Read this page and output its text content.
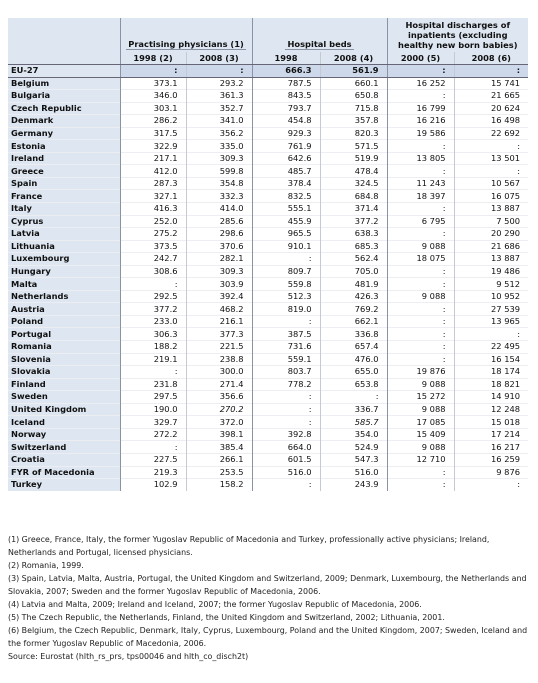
	Practising physicians (1)		Hospital beds		Hospital discharges of inpatients (excluding healthy new born babies)	
	1998 (2)	2008 (3)	1998	2008 (4)	2000 (5)	2008 (6)
EU-27	:	:	666.3	561.9	:	:
Belgium	373.1	293.2	787.5	660.1	16 252	15 741
Bulgaria	346.0	361.3	843.5	650.8	:	21 665
Czech Republic	303.1	352.7	793.7	715.8	16 799	20 624
Denmark	286.2	341.0	454.8	357.8	16 216	16 498
Germany	317.5	356.2	929.3	820.3	19 586	22 692
Estonia	322.9	335.0	761.9	571.5	:	:
Ireland	217.1	309.3	642.6	519.9	13 805	13 501
Greece	412.0	599.8	485.7	478.4	:	:
Spain	287.3	354.8	378.4	324.5	11 243	10 567
France	327.1	332.3	832.5	684.8	18 397	16 075
Italy	416.3	414.0	555.1	371.4	:	13 887
Cyprus	252.0	285.6	455.9	377.2	6 795	7 500
Latvia	275.2	298.6	965.5	638.3	:	20 290
Lithuania	373.5	370.6	910.1	685.3	9 088	21 686
Luxembourg	242.7	282.1	:	562.4	18 075	13 887
Hungary	308.6	309.3	809.7	705.0	:	19 486
Malta	:	303.9	559.8	481.9	:	9 512
Netherlands	292.5	392.4	512.3	426.3	9 088	10 952
Austria	377.2	468.2	819.0	769.2	:	27 539
Poland	233.0	216.1	:	662.1	:	13 965
Portugal	306.3	377.3	387.5	336.8	:	:
Romania	188.2	221.5	731.6	657.4	:	22 495
Slovenia	219.1	238.8	559.1	476.0	:	16 154
Slovakia	:	300.0	803.7	655.0	19 876	18 174
Finland	231.8	271.4	778.2	653.8	9 088	18 821
Sweden	297.5	356.6	:	:	15 272	14 910
United Kingdom	190.0	270.2	:	336.7	9 088	12 248
Iceland	329.7	372.0	:	585.7	17 085	15 018
Norway	272.2	398.1	392.8	354.0	15 409	17 214
Switzerland	:	385.4	664.0	524.9	9 088	16 217
Croatia	227.5	266.1	601.5	547.3	12 710	16 259
FYR of Macedonia	219.3	253.5	516.0	516.0	:	9 876
Turkey	102.9	158.2	:	243.9	:	:
(1) Greece, France, Italy, the former Yugoslav Republic of Macedonia and Turkey, professionally active physicians; Ireland, Netherlands and Portugal, licensed physicians.
(2) Romania, 1999.
(3) Spain, Latvia, Malta, Austria, Portugal, the United Kingdom and Switzerland, 2009; Denmark, Luxembourg, the Netherlands and Slovakia, 2007; Sweden and the former Yugoslav Republic of Macedonia, 2006.
(4) Latvia and Malta, 2009; Ireland and Iceland, 2007; the former Yugoslav Republic of Macedonia, 2006.
(5) The Czech Republic, the Netherlands, Finland, the United Kingdom and Switzerland, 2002; Lithuania, 2001.
(6) Belgium, the Czech Republic, Denmark, Italy, Cyprus, Luxembourg, Poland and the United Kingdom, 2007; Sweden, Iceland and the former Yugoslav Republic of Macedonia, 2006.
Source: Eurostat (hlth_rs_prs, tps00046 and hlth_co_disch2t)
